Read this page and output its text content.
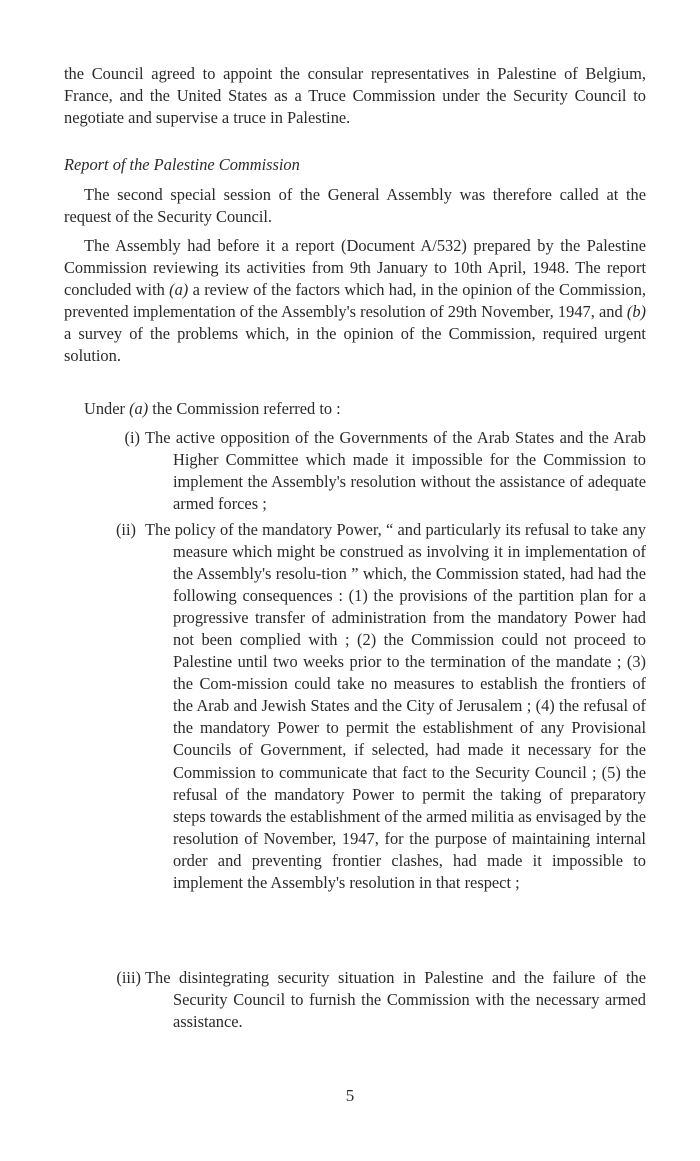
the Council agreed to appoint the consular representatives in Palestine of Belgium, France, and the United States as a Truce Commission under the Security Council to negotiate and supervise a truce in Palestine.

Report of the Palestine Commission

The second special session of the General Assembly was therefore called at the request of the Security Council.

The Assembly had before it a report (Document A/532) prepared by the Palestine Commission reviewing its activities from 9th January to 10th April, 1948. The report concluded with (a) a review of the factors which had, in the opinion of the Commission, prevented implementation of the Assembly's resolution of 29th November, 1947, and (b) a survey of the problems which, in the opinion of the Commission, required urgent solution.

Under (a) the Commission referred to :

(i) The active opposition of the Governments of the Arab States and the Arab Higher Committee which made it impossible for the Commission to implement the Assembly's resolution without the assistance of adequate armed forces ;

(ii) The policy of the mandatory Power, “ and particularly its refusal to take any measure which might be construed as involving it in implementation of the Assembly's resolu-tion ” which, the Commission stated, had had the following consequences : (1) the provisions of the partition plan for a progressive transfer of administration from the mandatory Power had not been complied with ; (2) the Commission could not proceed to Palestine until two weeks prior to the termination of the mandate ; (3) the Com-mission could take no measures to establish the frontiers of the Arab and Jewish States and the City of Jerusalem ; (4) the refusal of the mandatory Power to permit the establishment of any Provisional Councils of Government, if selected, had made it necessary for the Commission to communicate that fact to the Security Council ; (5) the refusal of the mandatory Power to permit the taking of preparatory steps towards the establishment of the armed militia as envisaged by the resolution of November, 1947, for the purpose of maintaining internal order and preventing frontier clashes, had made it impossible to implement the Assembly's resolution in that respect ;

(iii) The disintegrating security situation in Palestine and the failure of the Security Council to furnish the Commission with the necessary armed assistance.

5
